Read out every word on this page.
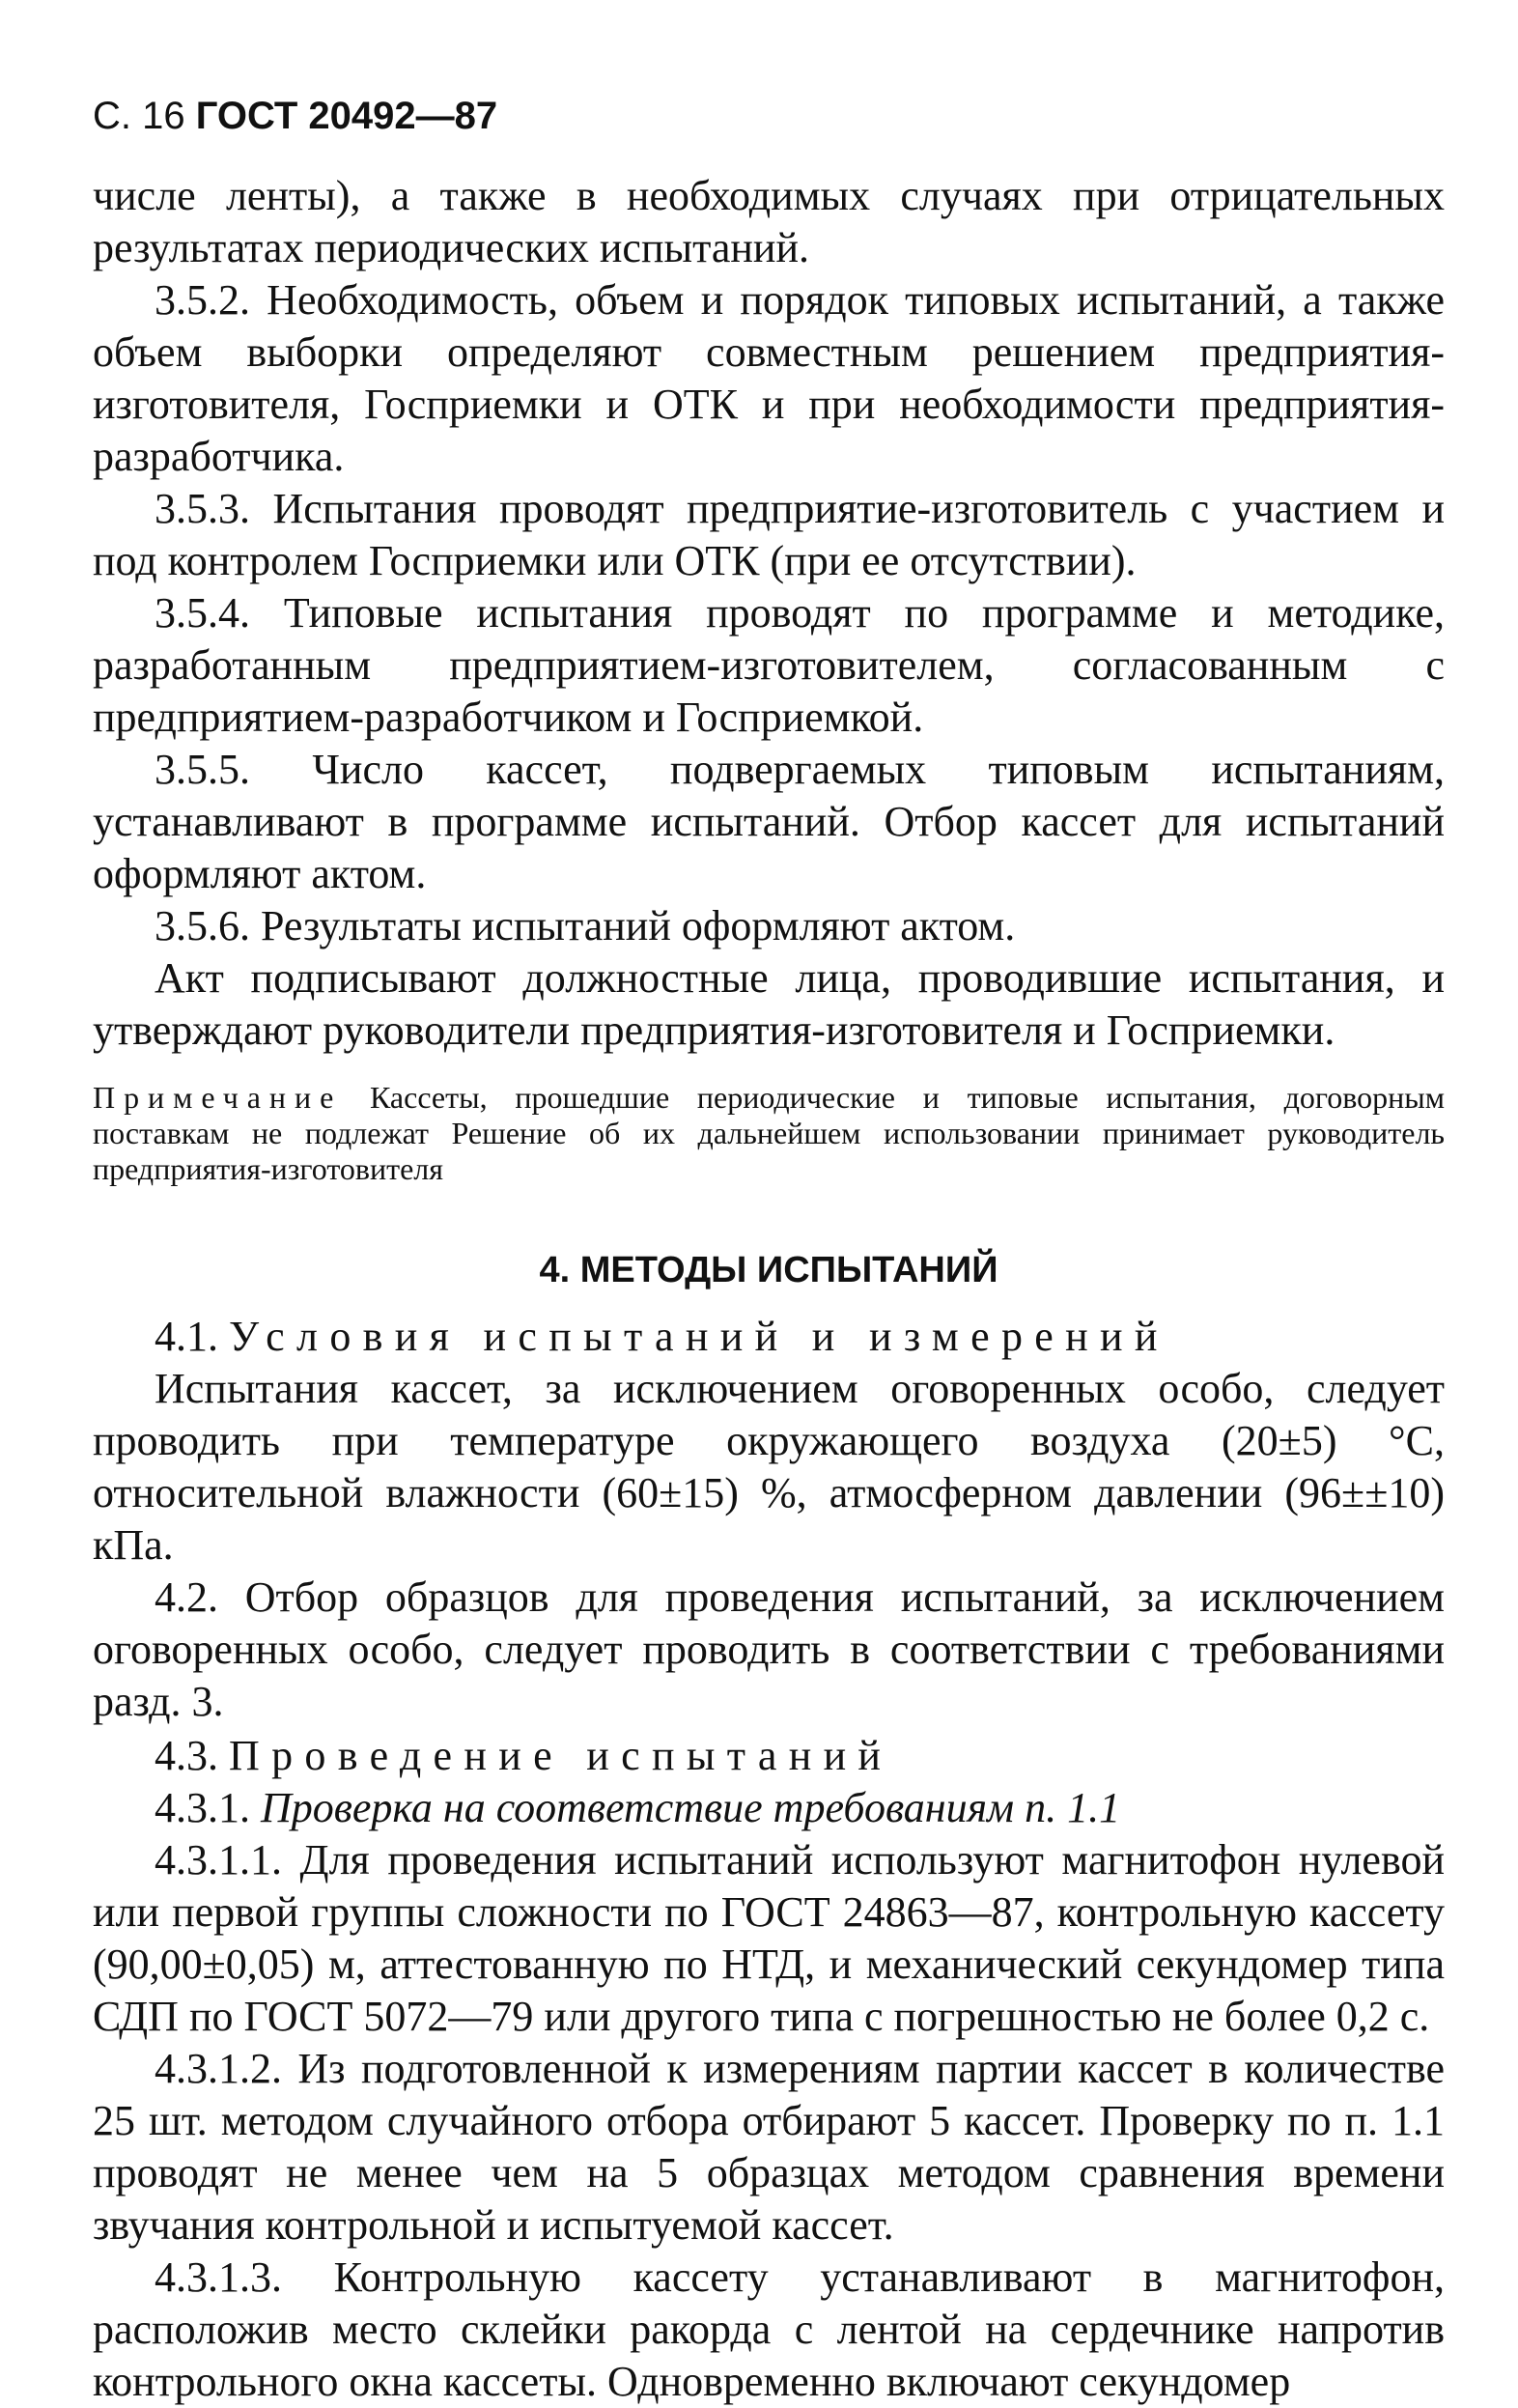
С. 16 ГОСТ 20492—87

числе ленты), а также в необходимых случаях при отрицательных результатах периодических испытаний.

3.5.2. Необходимость, объем и порядок типовых испытаний, а также объем выборки определяют совместным решением предприятия-изготовителя, Госприемки и ОТК и при необходимости предприятия-разработчика.

3.5.3. Испытания проводят предприятие-изготовитель с участием и под контролем Госприемки или ОТК (при ее отсутствии).

3.5.4. Типовые испытания проводят по программе и методике, разработанным предприятием-изготовителем, согласованным с предприятием-разработчиком и Госприемкой.

3.5.5. Число кассет, подвергаемых типовым испытаниям, устанавливают в программе испытаний. Отбор кассет для испытаний оформляют актом.

3.5.6. Результаты испытаний оформляют актом.

Акт подписывают должностные лица, проводившие испытания, и утверждают руководители предприятия-изготовителя и Госприемки.

Примечание Кассеты, прошедшие периодические и типовые испытания, договорным поставкам не подлежат Решение об их дальнейшем использовании принимает руководитель предприятия-изготовителя

4. МЕТОДЫ ИСПЫТАНИЙ

4.1. Условия испытаний и измерений

Испытания кассет, за исключением оговоренных особо, следует проводить при температуре окружающего воздуха (20±5) °С, относительной влажности (60±15) %, атмосферном давлении (96±±10) кПа.

4.2. Отбор образцов для проведения испытаний, за исключением оговоренных особо, следует проводить в соответствии с требованиями разд. 3.

4.3. Проведение испытаний

4.3.1. Проверка на соответствие требованиям п. 1.1

4.3.1.1. Для проведения испытаний используют магнитофон нулевой или первой группы сложности по ГОСТ 24863—87, контрольную кассету (90,00±0,05) м, аттестованную по НТД, и механический секундомер типа СДП по ГОСТ 5072—79 или другого типа с погрешностью не более 0,2 с.

4.3.1.2. Из подготовленной к измерениям партии кассет в количестве 25 шт. методом случайного отбора отбирают 5 кассет. Проверку по п. 1.1 проводят не менее чем на 5 образцах методом сравнения времени звучания контрольной и испытуемой кассет.

4.3.1.3. Контрольную кассету устанавливают в магнитофон, расположив место склейки ракорда с лентой на сердечнике напротив контрольного окна кассеты. Одновременно включают секундомер
